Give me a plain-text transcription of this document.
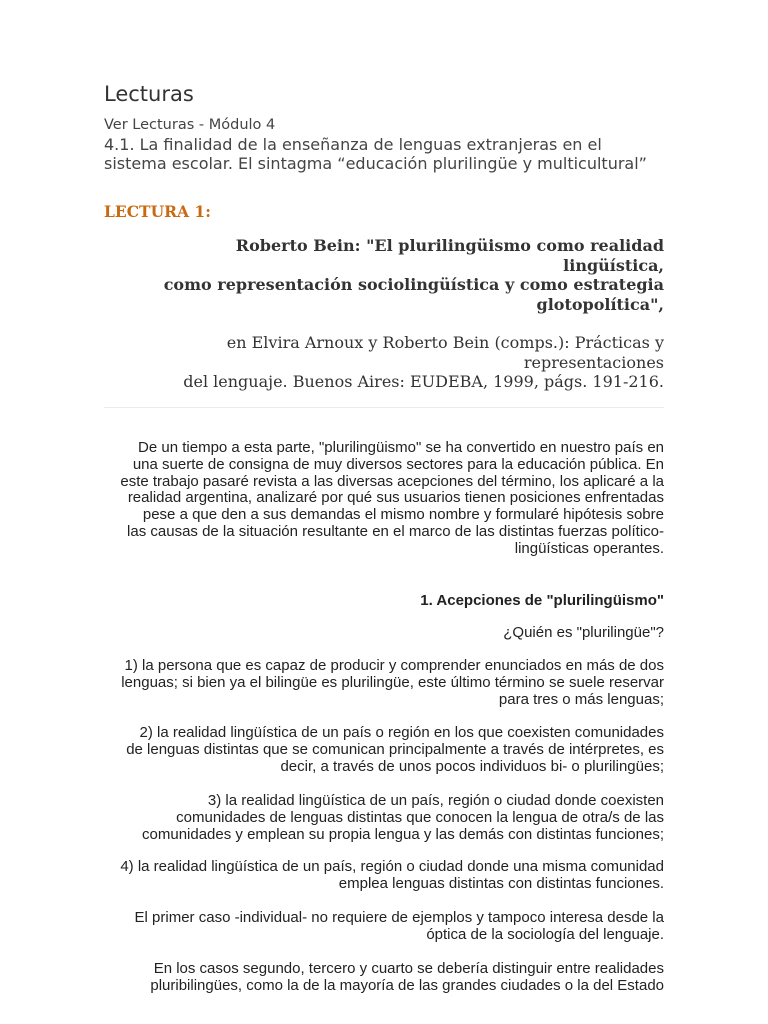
Lecturas
Ver Lecturas - Módulo 4
4.1. La finalidad de la enseñanza de lenguas extranjeras en el sistema escolar. El sintagma “educación plurilingüe y multicultural”
LECTURA 1:
Roberto Bein: "El plurilingüismo como realidad
lingüística,
como representación sociolingüística y como estrategia
glotopolítica",
en Elvira Arnoux y Roberto Bein (comps.): Prácticas y
representaciones
del lenguaje. Buenos Aires: EUDEBA, 1999, págs. 191-216.
De un tiempo a esta parte, "plurilingüismo" se ha convertido en nuestro país en
una suerte de consigna de muy diversos sectores para la educación pública. En
este trabajo pasaré revista a las diversas acepciones del término, los aplicaré a la
realidad argentina, analizaré por qué sus usuarios tienen posiciones enfrentadas
pese a que den a sus demandas el mismo nombre y formularé hipótesis sobre
las causas de la situación resultante en el marco de las distintas fuerzas político-
lingüísticas operantes.
1. Acepciones de "plurilingüismo"
¿Quién es "plurilingüe"?
1) la persona que es capaz de producir y comprender enunciados en más de dos
lenguas; si bien ya el bilingüe es plurilingüe, este último término se suele reservar
para tres o más lenguas;
2) la realidad lingüística de un país o región en los que coexisten comunidades
de lenguas distintas que se comunican principalmente a través de intérpretes, es
decir, a través de unos pocos individuos bi- o plurilingües;
3) la realidad lingüística de un país, región o ciudad donde coexisten
comunidades de lenguas distintas que conocen la lengua de otra/s de las
comunidades y emplean su propia lengua y las demás con distintas funciones;
4) la realidad lingüística de un país, región o ciudad donde una misma comunidad
emplea lenguas distintas con distintas funciones.
El primer caso -individual- no requiere de ejemplos y tampoco interesa desde la
óptica de la sociología del lenguaje.
En los casos segundo, tercero y cuarto se debería distinguir entre realidades
pluribilingües, como la de la mayoría de las grandes ciudades o la del Estado
